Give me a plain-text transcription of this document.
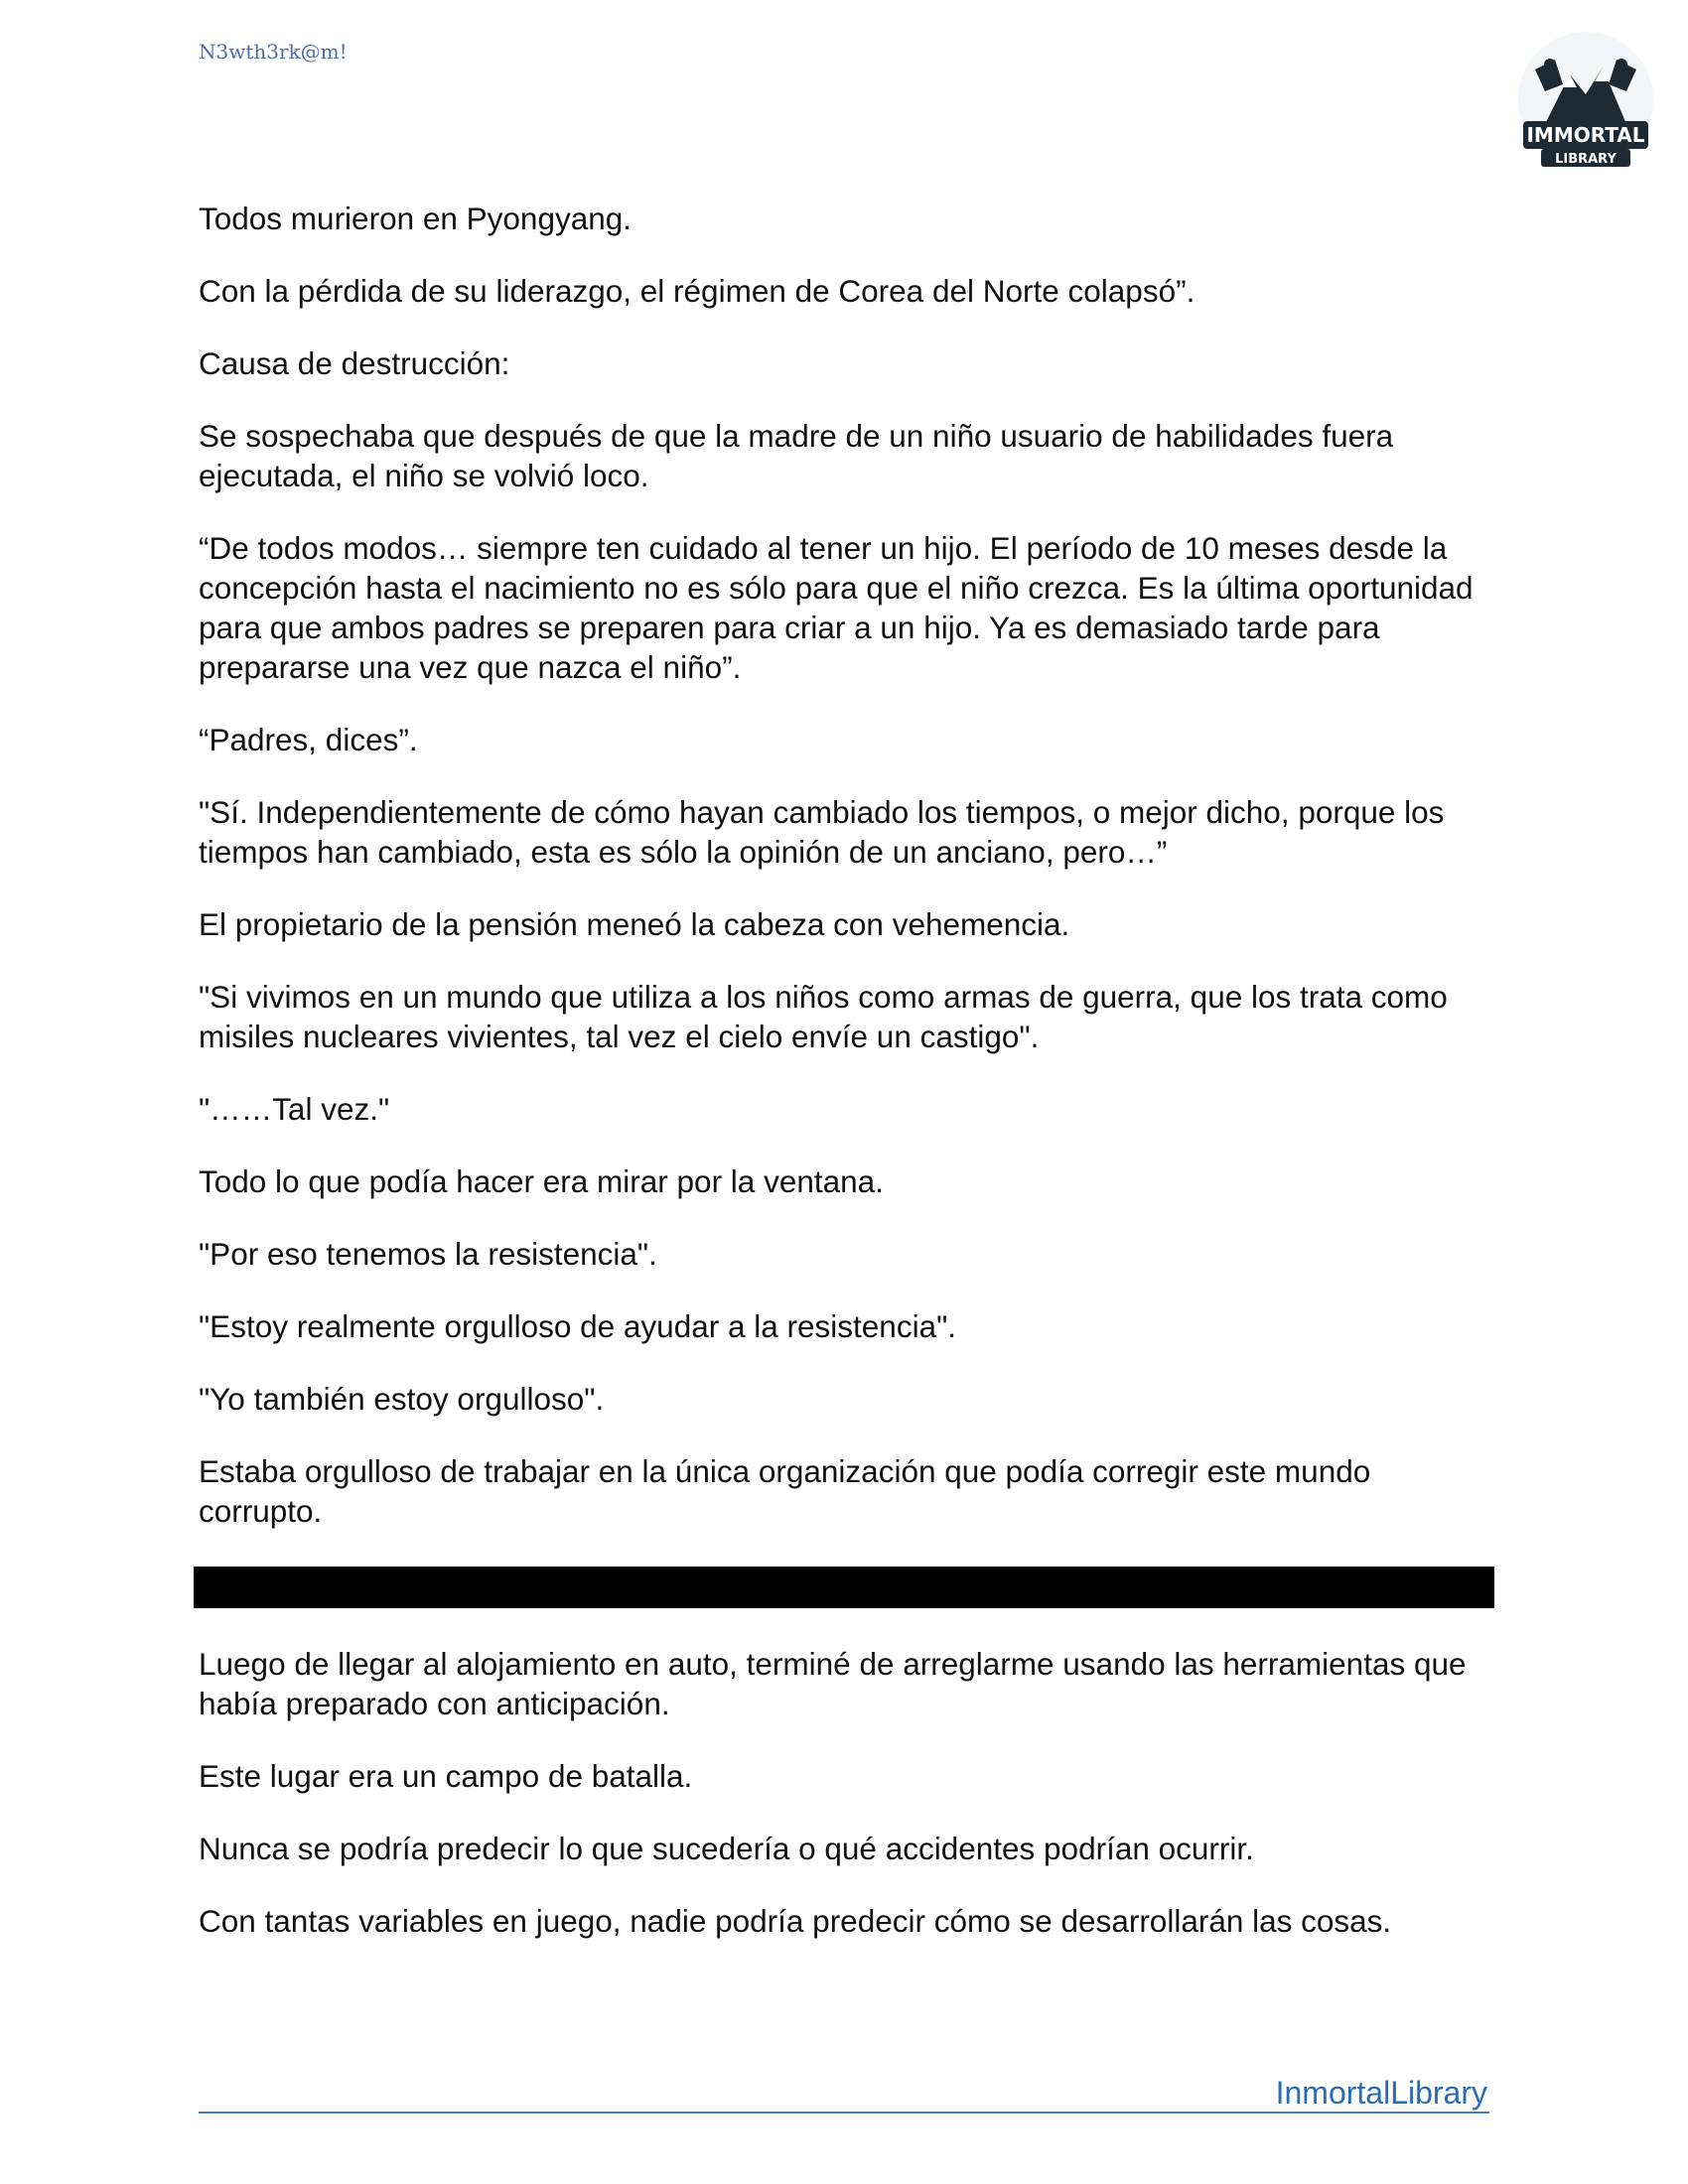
N3wth3rk@m!
IMMORTAL
LIBRARY

Todos murieron en Pyongyang.

Con la pérdida de su liderazgo, el régimen de Corea del Norte colapsó”.

Causa de destrucción:

Se sospechaba que después de que la madre de un niño usuario de habilidades fuera ejecutada, el niño se volvió loco.

“De todos modos… siempre ten cuidado al tener un hijo. El período de 10 meses desde la concepción hasta el nacimiento no es sólo para que el niño crezca. Es la última oportunidad para que ambos padres se preparen para criar a un hijo. Ya es demasiado tarde para prepararse una vez que nazca el niño”.

“Padres, dices”.

"Sí. Independientemente de cómo hayan cambiado los tiempos, o mejor dicho, porque los tiempos han cambiado, esta es sólo la opinión de un anciano, pero…”

El propietario de la pensión meneó la cabeza con vehemencia.

"Si vivimos en un mundo que utiliza a los niños como armas de guerra, que los trata como misiles nucleares vivientes, tal vez el cielo envíe un castigo".

"……Tal vez."

Todo lo que podía hacer era mirar por la ventana.

"Por eso tenemos la resistencia".

"Estoy realmente orgulloso de ayudar a la resistencia".

"Yo también estoy orgulloso".

Estaba orgulloso de trabajar en la única organización que podía corregir este mundo corrupto.

Luego de llegar al alojamiento en auto, terminé de arreglarme usando las herramientas que había preparado con anticipación.

Este lugar era un campo de batalla.

Nunca se podría predecir lo que sucedería o qué accidentes podrían ocurrir.

Con tantas variables en juego, nadie podría predecir cómo se desarrollarán las cosas.

InmortalLibrary
